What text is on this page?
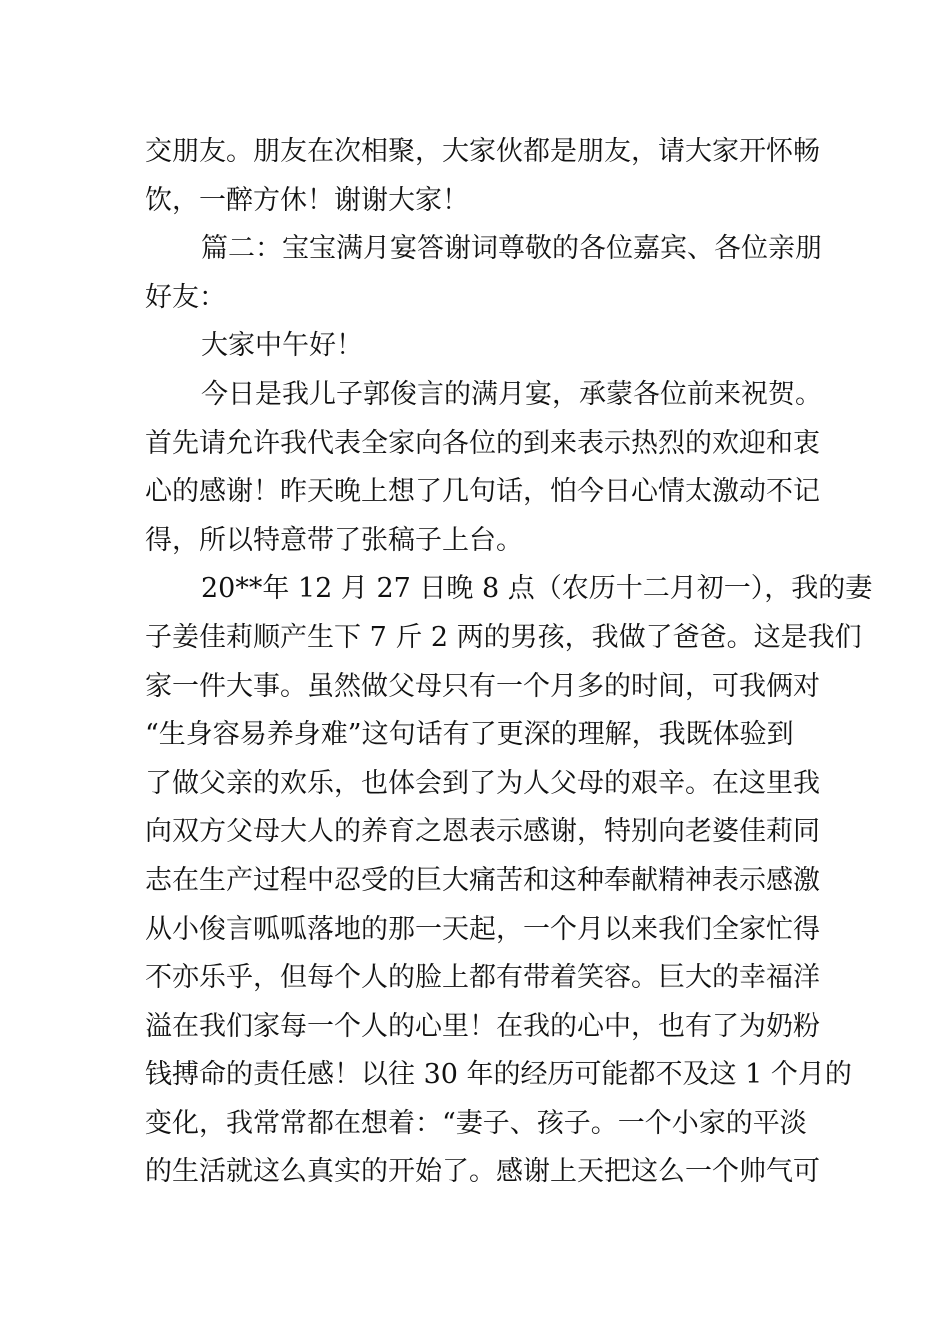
交朋友。朋友在次相聚，大家伙都是朋友，请大家开怀畅
饮，一醉方休！谢谢大家！
篇二：宝宝满月宴答谢词尊敬的各位嘉宾、各位亲朋
好友：
大家中午好！
今日是我儿子郭俊言的满月宴，承蒙各位前来祝贺。
首先请允许我代表全家向各位的到来表示热烈的欢迎和衷
心的感谢！昨天晚上想了几句话，怕今日心情太激动不记
得，所以特意带了张稿子上台。
20**年 12 月 27 日晚 8 点（农历十二月初一），我的妻
子姜佳莉顺产生下 7 斤 2 两的男孩，我做了爸爸。这是我们
家一件大事。虽然做父母只有一个月多的时间，可我俩对
“生身容易养身难”这句话有了更深的理解，我既体验到
了做父亲的欢乐，也体会到了为人父母的艰辛。在这里我
向双方父母大人的养育之恩表示感谢，特别向老婆佳莉同
志在生产过程中忍受的巨大痛苦和这种奉献精神表示感激
从小俊言呱呱落地的那一天起，一个月以来我们全家忙得
不亦乐乎，但每个人的脸上都有带着笑容。巨大的幸福洋
溢在我们家每一个人的心里！在我的心中，也有了为奶粉
钱搏命的责任感！以往 30 年的经历可能都不及这 1 个月的
变化，我常常都在想着：“妻子、孩子。一个小家的平淡
的生活就这么真实的开始了。感谢上天把这么一个帅气可
